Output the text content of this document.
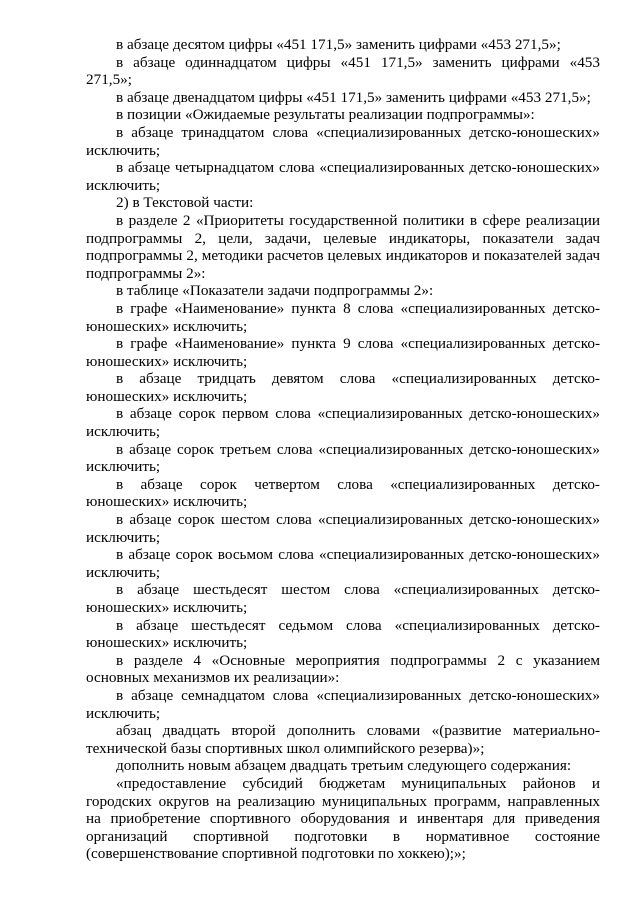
в абзаце десятом цифры «451 171,5» заменить цифрами «453 271,5»;

в абзаце одиннадцатом цифры «451 171,5» заменить цифрами «453 271,5»;

в абзаце двенадцатом цифры «451 171,5» заменить цифрами «453 271,5»;

в позиции «Ожидаемые результаты реализации подпрограммы»:

в абзаце тринадцатом слова «специализированных детско-юношеских» исключить;

в абзаце четырнадцатом слова «специализированных детско-юношеских» исключить;

2) в Текстовой части:

в разделе 2 «Приоритеты государственной политики в сфере реализации подпрограммы 2, цели, задачи, целевые индикаторы, показатели задач подпрограммы 2, методики расчетов целевых индикаторов и показателей задач подпрограммы 2»:

в таблице «Показатели задачи подпрограммы 2»:

в графе «Наименование» пункта 8 слова «специализированных детско-юношеских» исключить;

в графе «Наименование» пункта 9 слова «специализированных детско-юношеских» исключить;

в абзаце тридцать девятом слова «специализированных детско-юношеских» исключить;

в абзаце сорок первом слова «специализированных детско-юношеских» исключить;

в абзаце сорок третьем слова «специализированных детско-юношеских» исключить;

в абзаце сорок четвертом слова «специализированных детско-юношеских» исключить;

в абзаце сорок шестом слова «специализированных детско-юношеских» исключить;

в абзаце сорок восьмом слова «специализированных детско-юношеских» исключить;

в абзаце шестьдесят шестом слова «специализированных детско-юношеских» исключить;

в абзаце шестьдесят седьмом слова «специализированных детско-юношеских» исключить;

в разделе 4 «Основные мероприятия подпрограммы 2 с указанием основных механизмов их реализации»:

в абзаце семнадцатом слова «специализированных детско-юношеских» исключить;

абзац двадцать второй дополнить словами «(развитие материально-технической базы спортивных школ олимпийского резерва)»;

дополнить новым абзацем двадцать третьим следующего содержания:

«предоставление субсидий бюджетам муниципальных районов и городских округов на реализацию муниципальных программ, направленных на приобретение спортивного оборудования и инвентаря для приведения организаций спортивной подготовки в нормативное состояние (совершенствование спортивной подготовки по хоккею);»;
